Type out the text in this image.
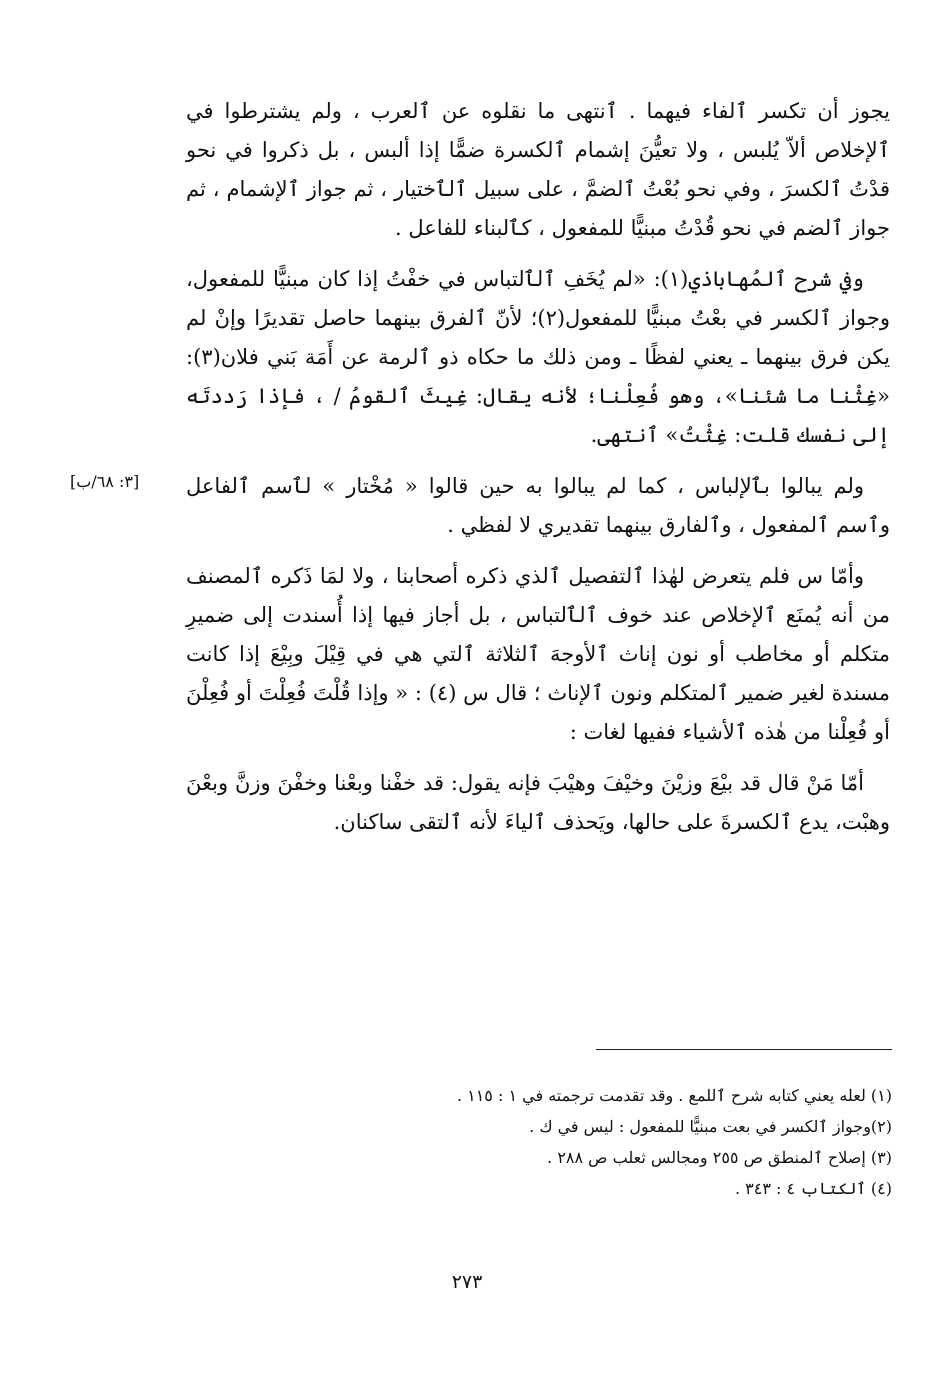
يجوز أن تكسر ٱلفاء فيهما . ٱنتهى ما نقلوه عن ٱلعرب ، ولم يشترطوا في ٱلإخلاص ألاّ يُلبس ، ولا تعيُّنَ إشمام ٱلكسرة ضمًّا إذا ألبس ، بل ذكروا في نحو قدْتُ ٱلكسرَ ، وفي نحو بُعْتُ ٱلضمَّ ، على سبيل ٱلٱختيار ، ثم جواز ٱلإشمام ، ثم جواز ٱلضم في نحو قُدْتُ مبنيًّا للمفعول ، كٱلبناء للفاعل .

وفي شرح ٱلمُهاباذي(١): «لم يُخَفِ ٱلٱلتباس في خفْتُ إذا كان مبنيًّا للمفعول، وجواز ٱلكسر في بعْتُ مبنيًّا للمفعول(٢)؛ لأنّ ٱلفرق بينهما حاصل تقديرًا وإنْ لم يكن فرق بينهما ـ يعني لفظًا ـ ومن ذلك ما حكاه ذو ٱلرمة عن أَمَة بَني فلان(٣): «غِثْنا ما شئنا»، وهو فُعِلْنا؛ لأنه يقال: غِيثَ ٱلقومُ / ، فإذا رَددتَه إلى نفسك قلت: غِثْتُ» ٱنتهى.

ولم يبالوا بٱلإلباس ، كما لم يبالوا به حين قالوا « مُخْتار » لٱسم ٱلفاعل وٱسم ٱلمفعول ، وٱلفارق بينهما تقديري لا لفظي .

وأمّا س فلم يتعرض لهٰذا ٱلتفصيل ٱلذي ذكره أصحابنا ، ولا لمَا ذَكره ٱلمصنف من أنه يُمنَع ٱلإخلاص عند خوف ٱلٱلتباس ، بل أجاز فيها إذا أُسندت إلى ضميرِ متكلم أو مخاطب أو نون إناث ٱلأوجهَ ٱلثلاثة ٱلتي هي في قِيْلَ وبِيْعَ إذا كانت مسندة لغير ضمير ٱلمتكلم ونون ٱلإناث ؛ قال س (٤) : « وإذا قُلْتَ فُعِلْتَ أو فُعِلْنَ أو فُعِلْنا من هٰذه ٱلأشياء ففيها لغات :

أمّا مَنْ قال قد بيْعَ وزيْنَ وخيْفَ وهيْبَ فإنه يقول: قد خفْنا وبعْنا وخفْنَ وزنَّ وبعْنَ وهبْت، يدع ٱلكسرةَ على حالها، ويَحذف ٱلياءَ لأنه ٱلتقى ساكنان.

[٣: ٦٨/ب]

(١) لعله يعني كتابه شرح ٱللمع . وقد تقدمت ترجمته في ١ : ١١٥ .

(٢)وجواز ٱلكسر في بعت مبنيًّا للمفعول : ليس في ك .

(٣) إصلاح ٱلمنطق ص ٢٥٥ ومجالس ثعلب ص ٢٨٨ .

(٤) ٱلكتاب ٤ : ٣٤٣ .

٢٧٣
